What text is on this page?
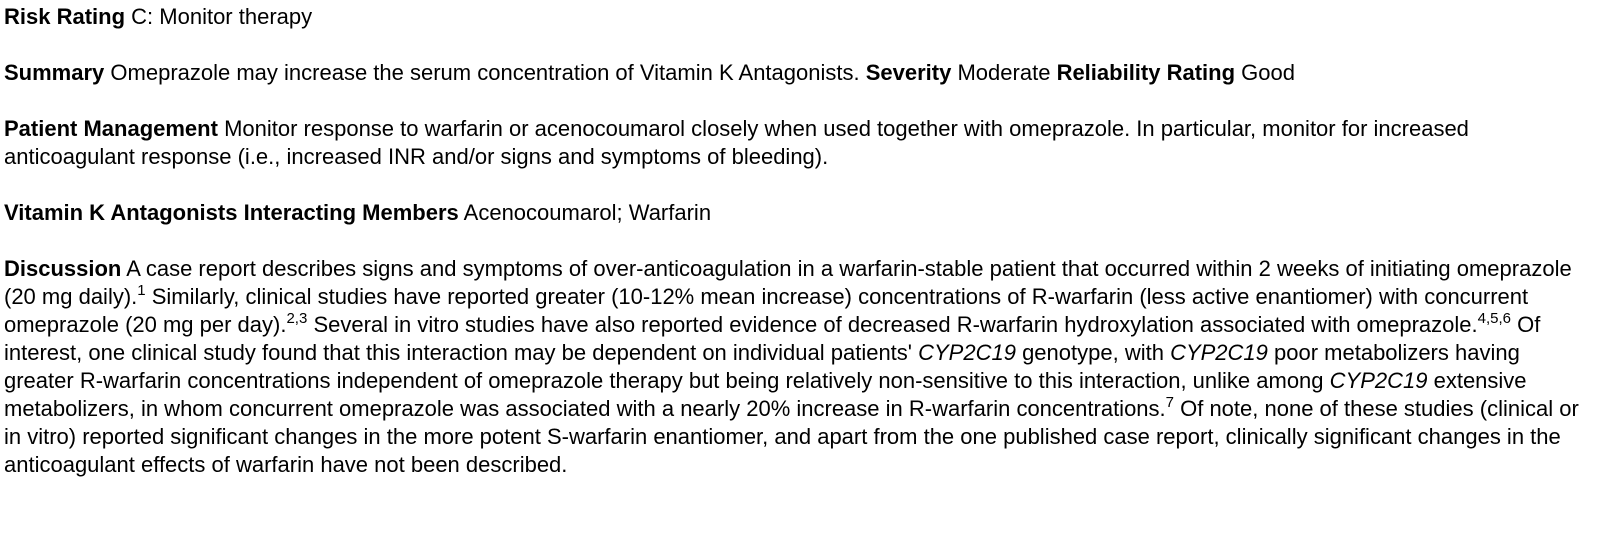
Risk Rating C: Monitor therapy

Summary Omeprazole may increase the serum concentration of Vitamin K Antagonists. Severity Moderate Reliability Rating Good

Patient Management Monitor response to warfarin or acenocoumarol closely when used together with omeprazole. In particular, monitor for increased anticoagulant response (i.e., increased INR and/or signs and symptoms of bleeding).

Vitamin K Antagonists Interacting Members Acenocoumarol; Warfarin

Discussion A case report describes signs and symptoms of over-anticoagulation in a warfarin-stable patient that occurred within 2 weeks of initiating omeprazole (20 mg daily).$^1$ Similarly, clinical studies have reported greater (10-12% mean increase) concentrations of R-warfarin (less active enantiomer) with concurrent omeprazole (20 mg per day).$^{2,3}$ Several in vitro studies have also reported evidence of decreased R-warfarin hydroxylation associated with omeprazole.$^{4,5,6}$ Of interest, one clinical study found that this interaction may be dependent on individual patients' CYP2C19 genotype, with CYP2C19 poor metabolizers having greater R-warfarin concentrations independent of omeprazole therapy but being relatively non-sensitive to this interaction, unlike among CYP2C19 extensive metabolizers, in whom concurrent omeprazole was associated with a nearly 20% increase in R-warfarin concentrations.$^7$ Of note, none of these studies (clinical or in vitro) reported significant changes in the more potent S-warfarin enantiomer, and apart from the one published case report, clinically significant changes in the anticoagulant effects of warfarin have not been described.
